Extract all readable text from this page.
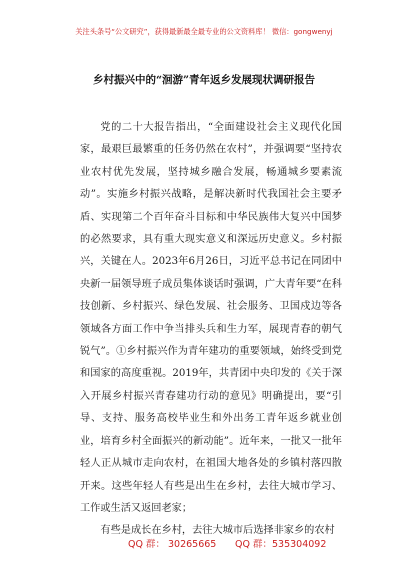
关注头条号“公文研究”，获得最新最全最专业的公文资料库！ 微信：gongwenyj
乡村振兴中的“洄游”青年返乡发展现状调研报告

党的二十大报告指出，“全面建设社会主义现代化国家，最艰巨最繁重的任务仍然在农村”，并强调要“坚持农业农村优先发展，坚持城乡融合发展，畅通城乡要素流动”。实施乡村振兴战略，是解决新时代我国社会主要矛盾、实现第二个百年奋斗目标和中华民族伟大复兴中国梦的必然要求，具有重大现实意义和深远历史意义。乡村振兴，关键在人。2023年6月26日，习近平总书记在同团中央新一届领导班子成员集体谈话时强调，广大青年要“在科技创新、乡村振兴、绿色发展、社会服务、卫国戍边等各领域各方面工作中争当排头兵和生力军，展现青春的朝气锐气”。①乡村振兴作为青年建功的重要领域，始终受到党和国家的高度重视。2019年，共青团中央印发的《关于深入开展乡村振兴青春建功行动的意见》明确提出，要“引导、支持、服务高校毕业生和外出务工青年返乡就业创业，培育乡村全面振兴的新动能”。近年来，一批又一批年轻人正从城市走向农村，在祖国大地各处的乡镇村落四散开来。这些年轻人有些是出生在乡村，去往大城市学习、工作或生活又返回老家；

有些是成长在乡村，去往大城市后选择非家乡的农村

QQ 群： 30265665 QQ 群：535304092
